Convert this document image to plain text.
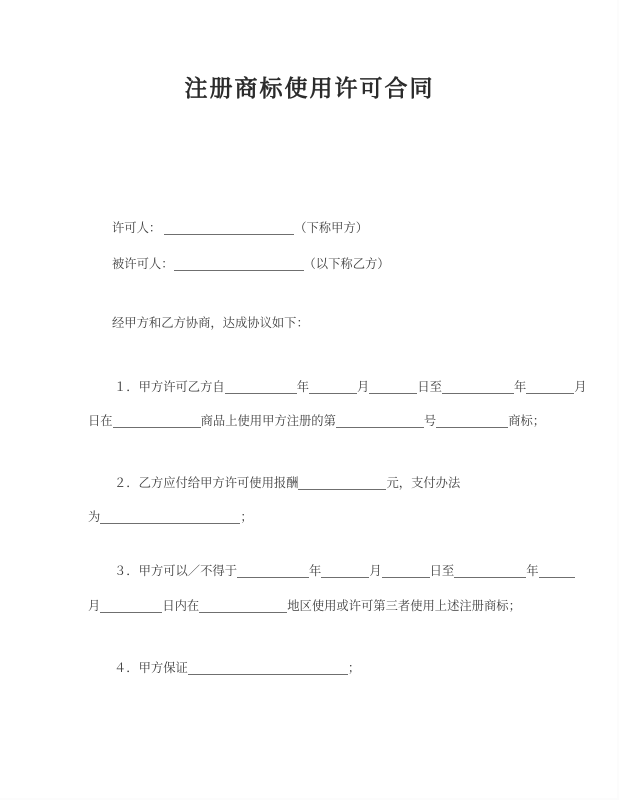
注册商标使用许可合同

许可人：	（下称甲方）

被许可人：	（以下称乙方）

经甲方和乙方协商，达成协议如下：

１．甲方许可乙方自	年	月	日至	年	月

日在	商品上使用甲方注册的第	号	商标；

２．乙方应付给甲方许可使用报酬	元，支付办法

为	；

３．甲方可以／不得于	年	月	日至	年

月	日内在	地区使用或许可第三者使用上述注册商标；

４．甲方保证	；
